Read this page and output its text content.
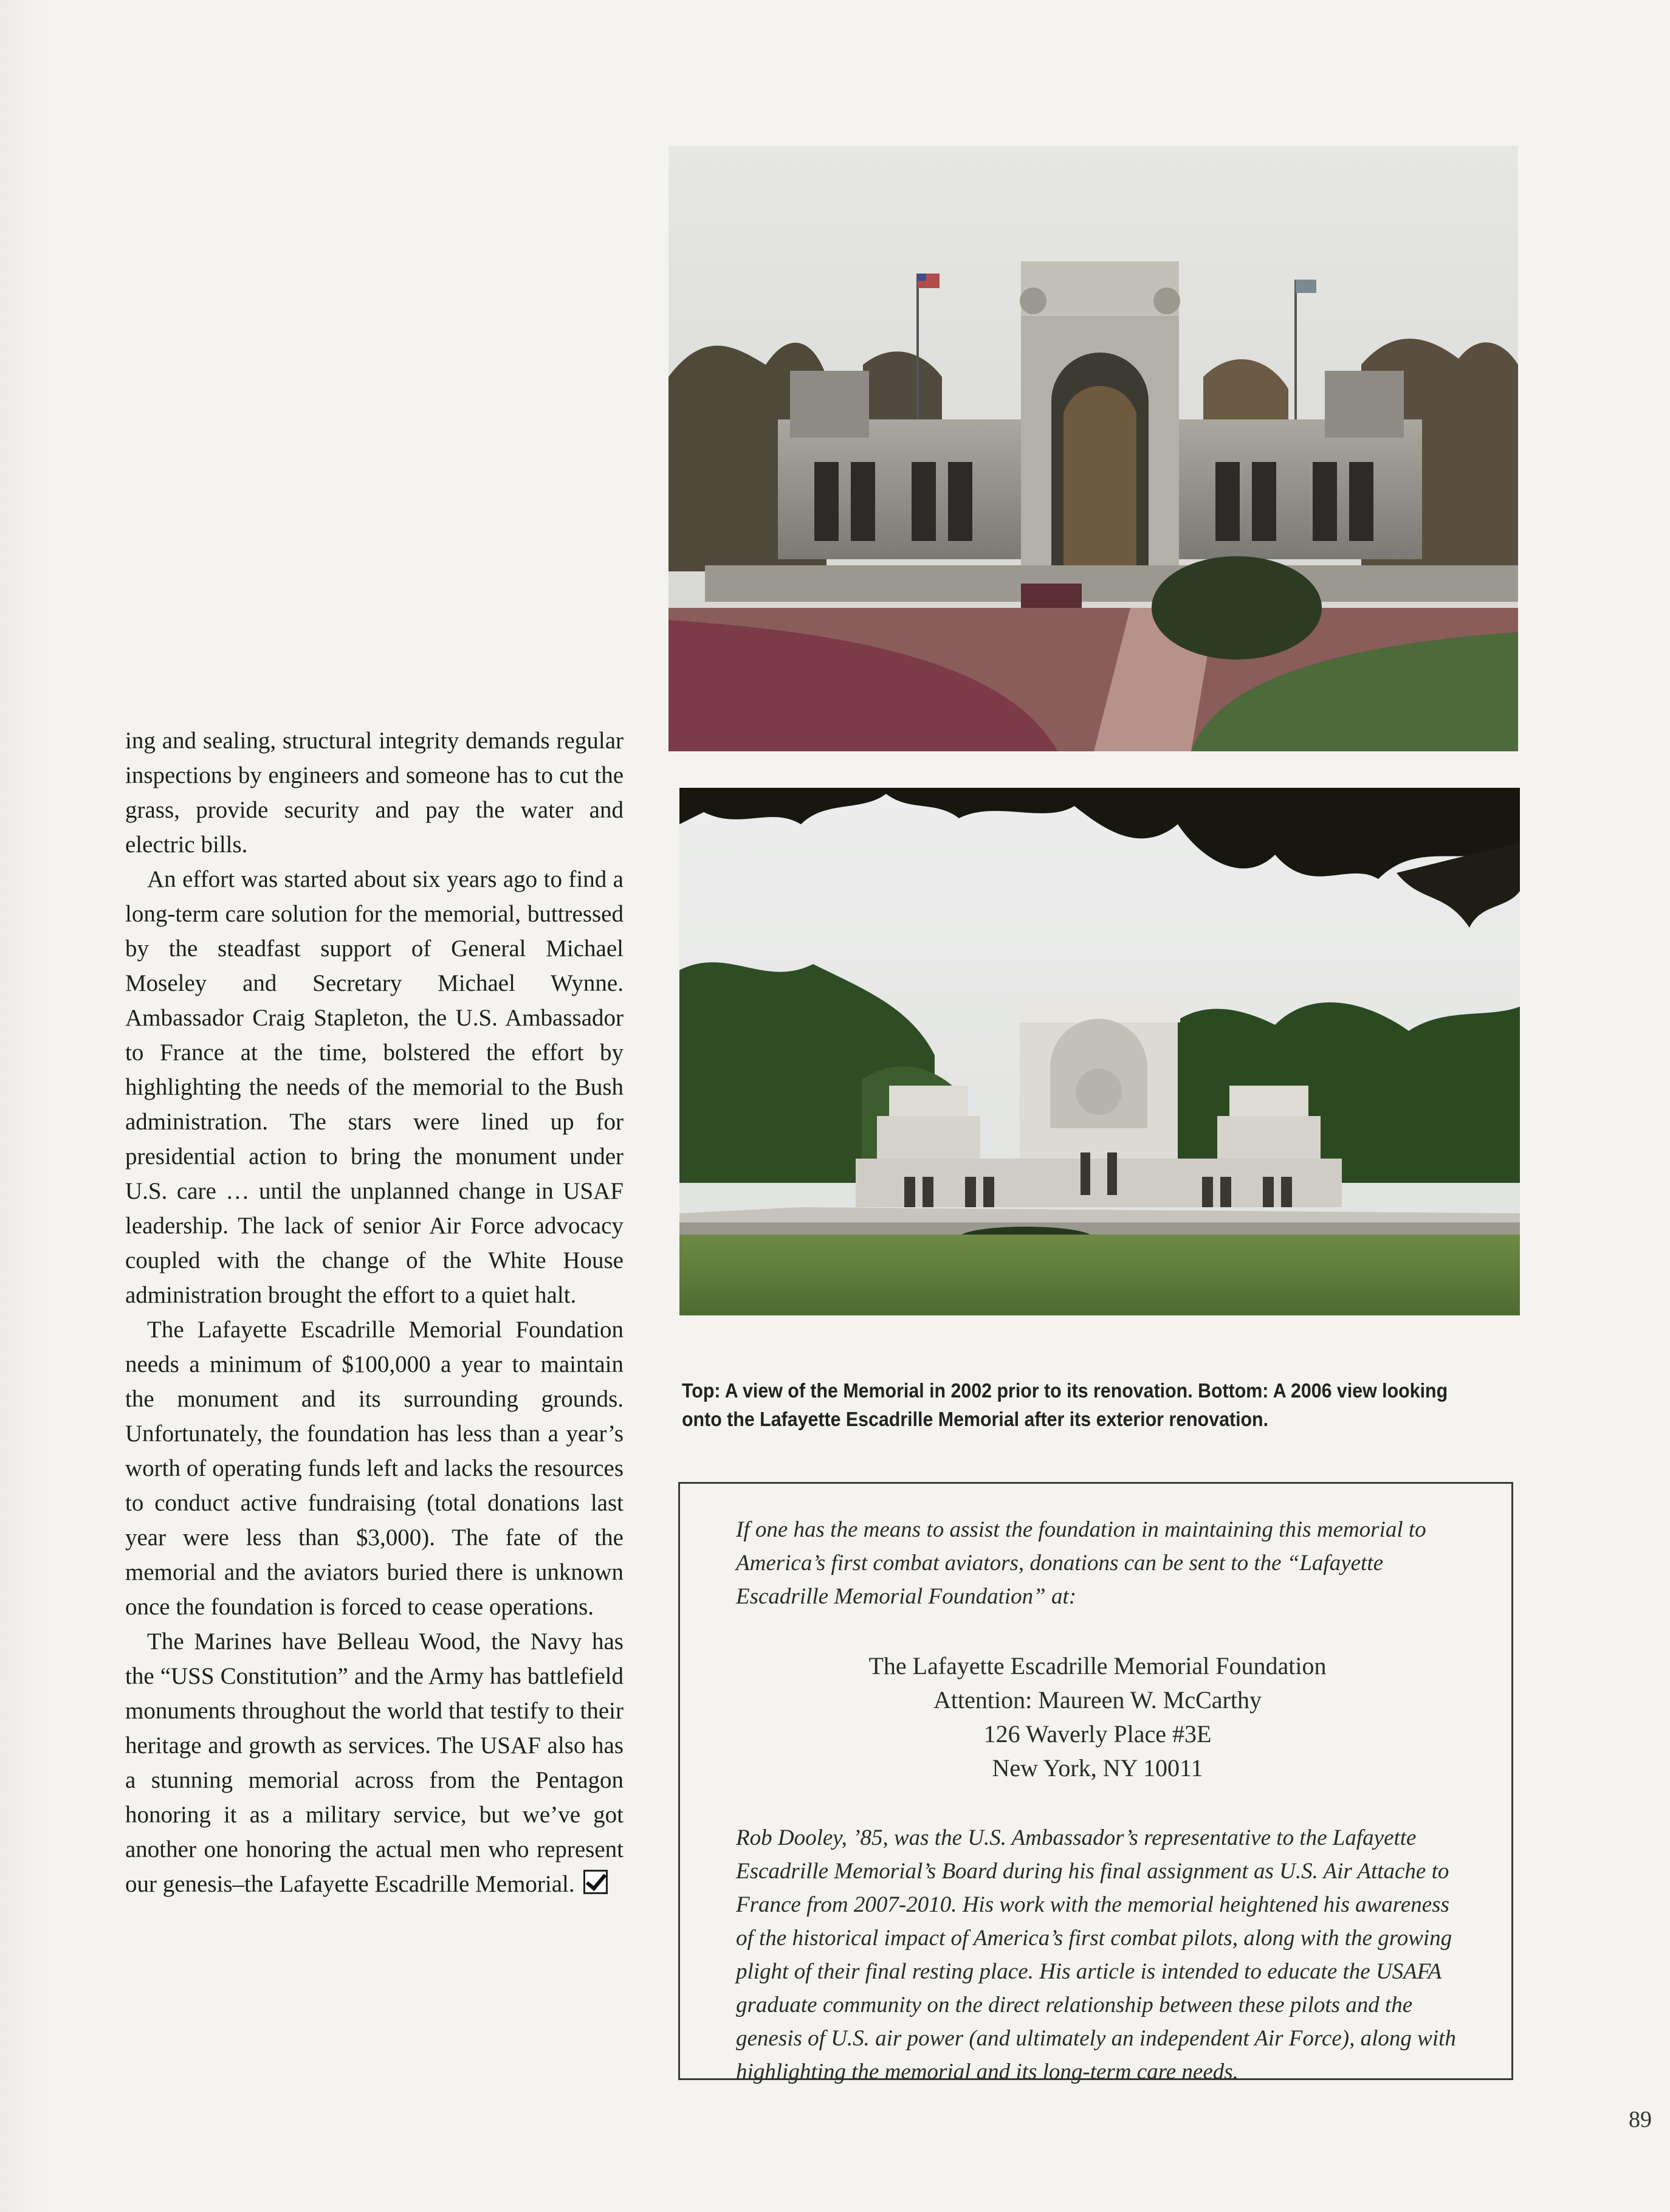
ing and sealing, structural integrity demands regular inspections by engineers and someone has to cut the grass, provide security and pay the water and electric bills.

An effort was started about six years ago to find a long-term care solution for the memorial, buttressed by the steadfast support of General Michael Moseley and Secretary Michael Wynne. Ambassador Craig Stapleton, the U.S. Ambassador to France at the time, bolstered the effort by highlighting the needs of the memorial to the Bush administration. The stars were lined up for presidential action to bring the monument under U.S. care … until the unplanned change in USAF leadership. The lack of senior Air Force advocacy coupled with the change of the White House administration brought the effort to a quiet halt.

The Lafayette Escadrille Memorial Foundation needs a minimum of $100,000 a year to maintain the monument and its surrounding grounds. Unfortunately, the foundation has less than a year’s worth of operating funds left and lacks the resources to conduct active fundraising (total donations last year were less than $3,000). The fate of the memorial and the aviators buried there is unknown once the foundation is forced to cease operations.

The Marines have Belleau Wood, the Navy has the “USS Constitution” and the Army has battlefield monuments throughout the world that testify to their heritage and growth as services. The USAF also has a stunning memorial across from the Pentagon honoring it as a military service, but we’ve got another one honoring the actual men who represent our genesis–the Lafayette Escadrille Memorial.

Top: A view of the Memorial in 2002 prior to its renovation. Bottom: A 2006 view looking onto the Lafayette Escadrille Memorial after its exterior renovation.
If one has the means to assist the foundation in maintaining this memorial to America’s first combat aviators, donations can be sent to the “Lafayette Escadrille Memorial Foundation” at:
The Lafayette Escadrille Memorial Foundation
Attention: Maureen W. McCarthy
126 Waverly Place #3E
New York, NY 10011
Rob Dooley, ’85, was the U.S. Ambassador’s representative to the Lafayette Escadrille Memorial’s Board during his final assignment as U.S. Air Attache to France from 2007-2010. His work with the memorial heightened his awareness of the historical impact of America’s first combat pilots, along with the growing plight of their final resting place. His article is intended to educate the USAFA graduate community on the direct relationship between these pilots and the genesis of U.S. air power (and ultimately an independent Air Force), along with highlighting the memorial and its long-term care needs.
89
